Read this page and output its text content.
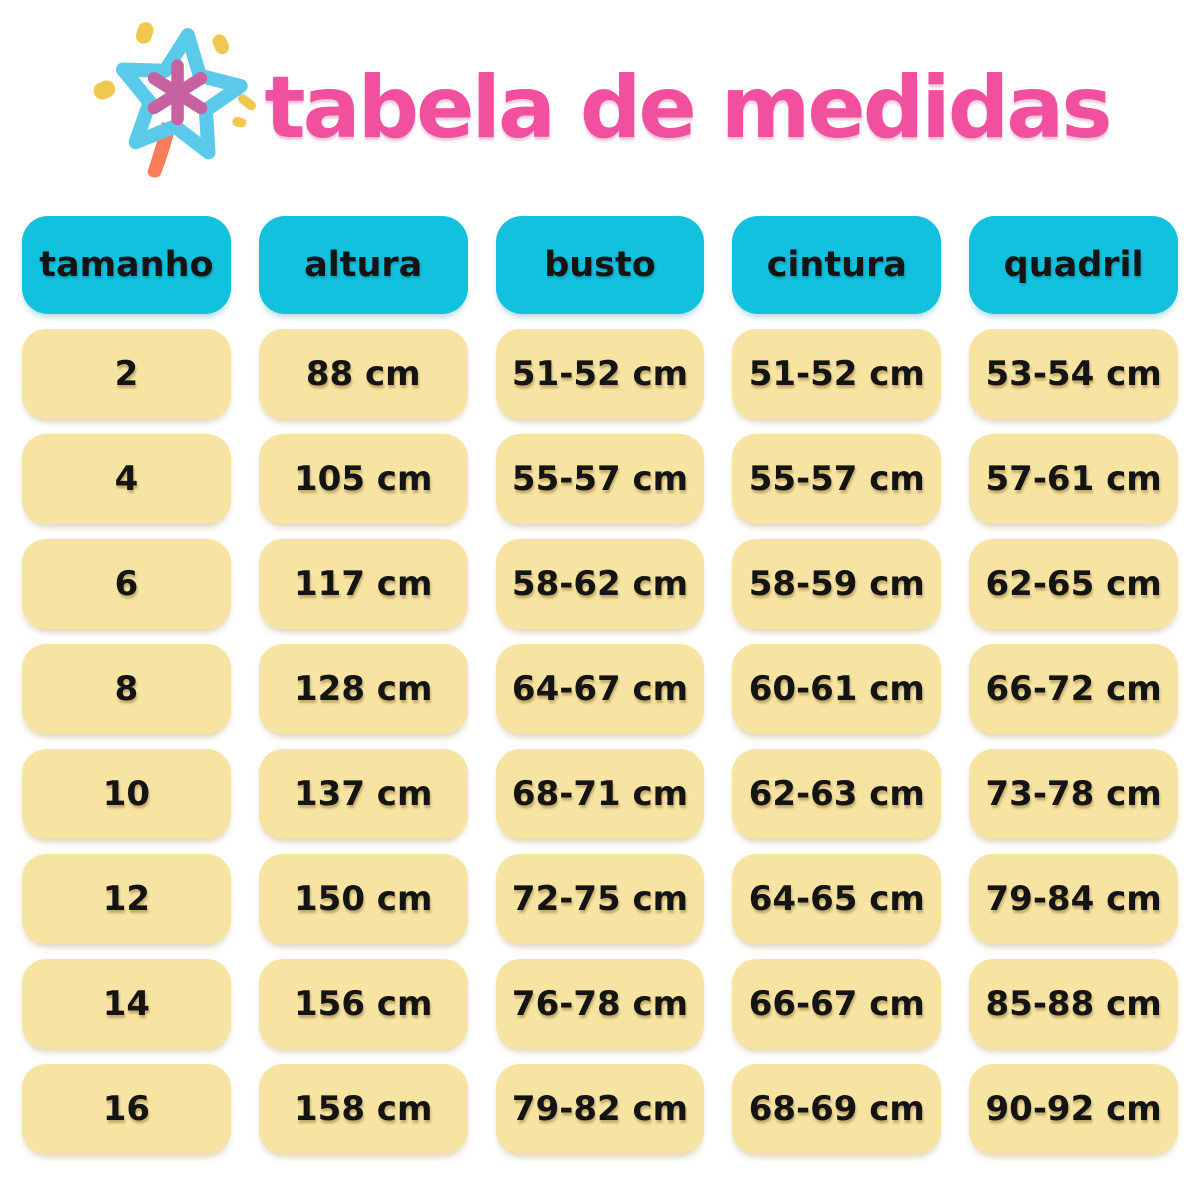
tabela de medidas
tamanho	altura	busto	cintura	quadril
2	88 cm	51-52 cm	51-52 cm	53-54 cm
4	105 cm	55-57 cm	55-57 cm	57-61 cm
6	117 cm	58-62 cm	58-59 cm	62-65 cm
8	128 cm	64-67 cm	60-61 cm	66-72 cm
10	137 cm	68-71 cm	62-63 cm	73-78 cm
12	150 cm	72-75 cm	64-65 cm	79-84 cm
14	156 cm	76-78 cm	66-67 cm	85-88 cm
16	158 cm	79-82 cm	68-69 cm	90-92 cm
